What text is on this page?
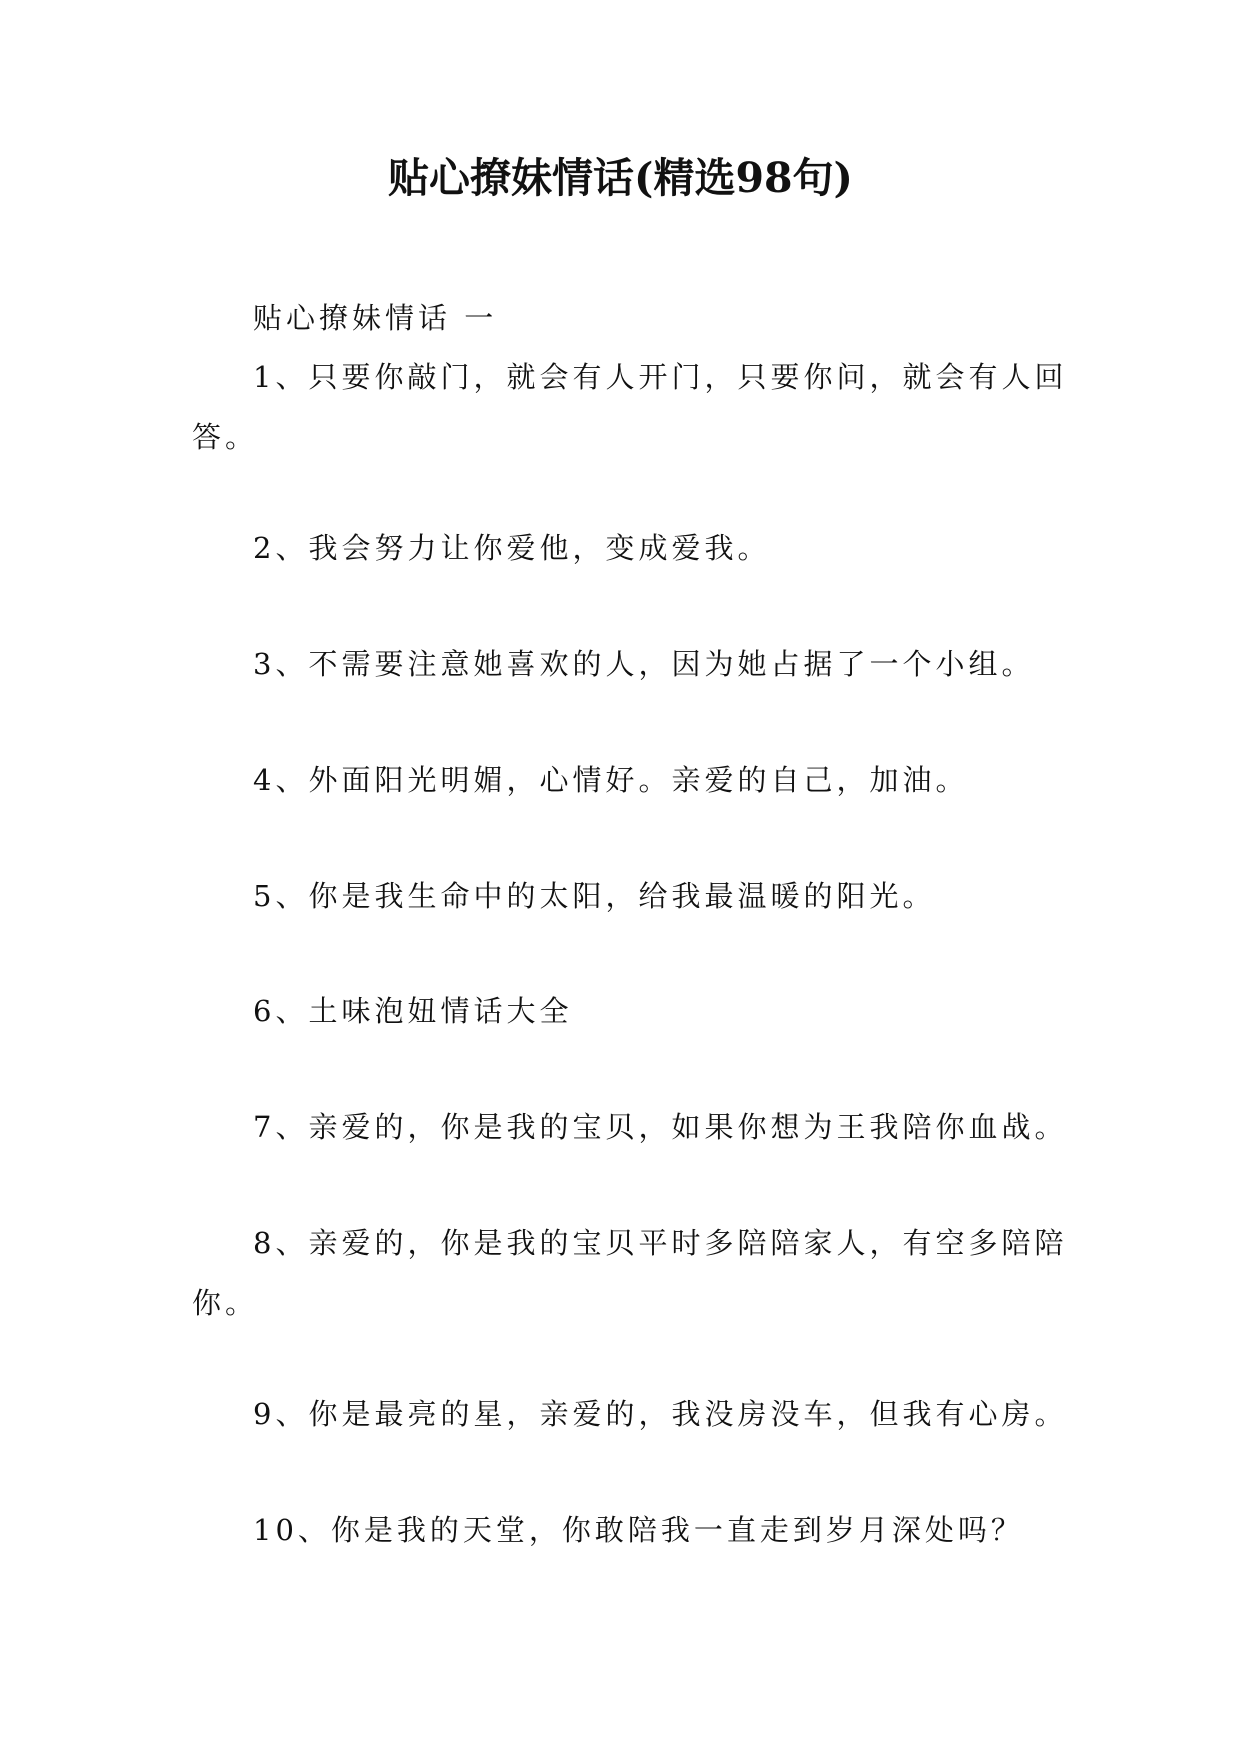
贴心撩妹情话(精选98句)

贴心撩妹情话 一

1、只要你敲门，就会有人开门，只要你问，就会有人回答。

2、我会努力让你爱他，变成爱我。

3、不需要注意她喜欢的人，因为她占据了一个小组。

4、外面阳光明媚，心情好。亲爱的自己，加油。

5、你是我生命中的太阳，给我最温暖的阳光。

6、土味泡妞情话大全

7、亲爱的，你是我的宝贝，如果你想为王我陪你血战。

8、亲爱的，你是我的宝贝平时多陪陪家人，有空多陪陪你。

9、你是最亮的星，亲爱的，我没房没车，但我有心房。

10、你是我的天堂，你敢陪我一直走到岁月深处吗？
